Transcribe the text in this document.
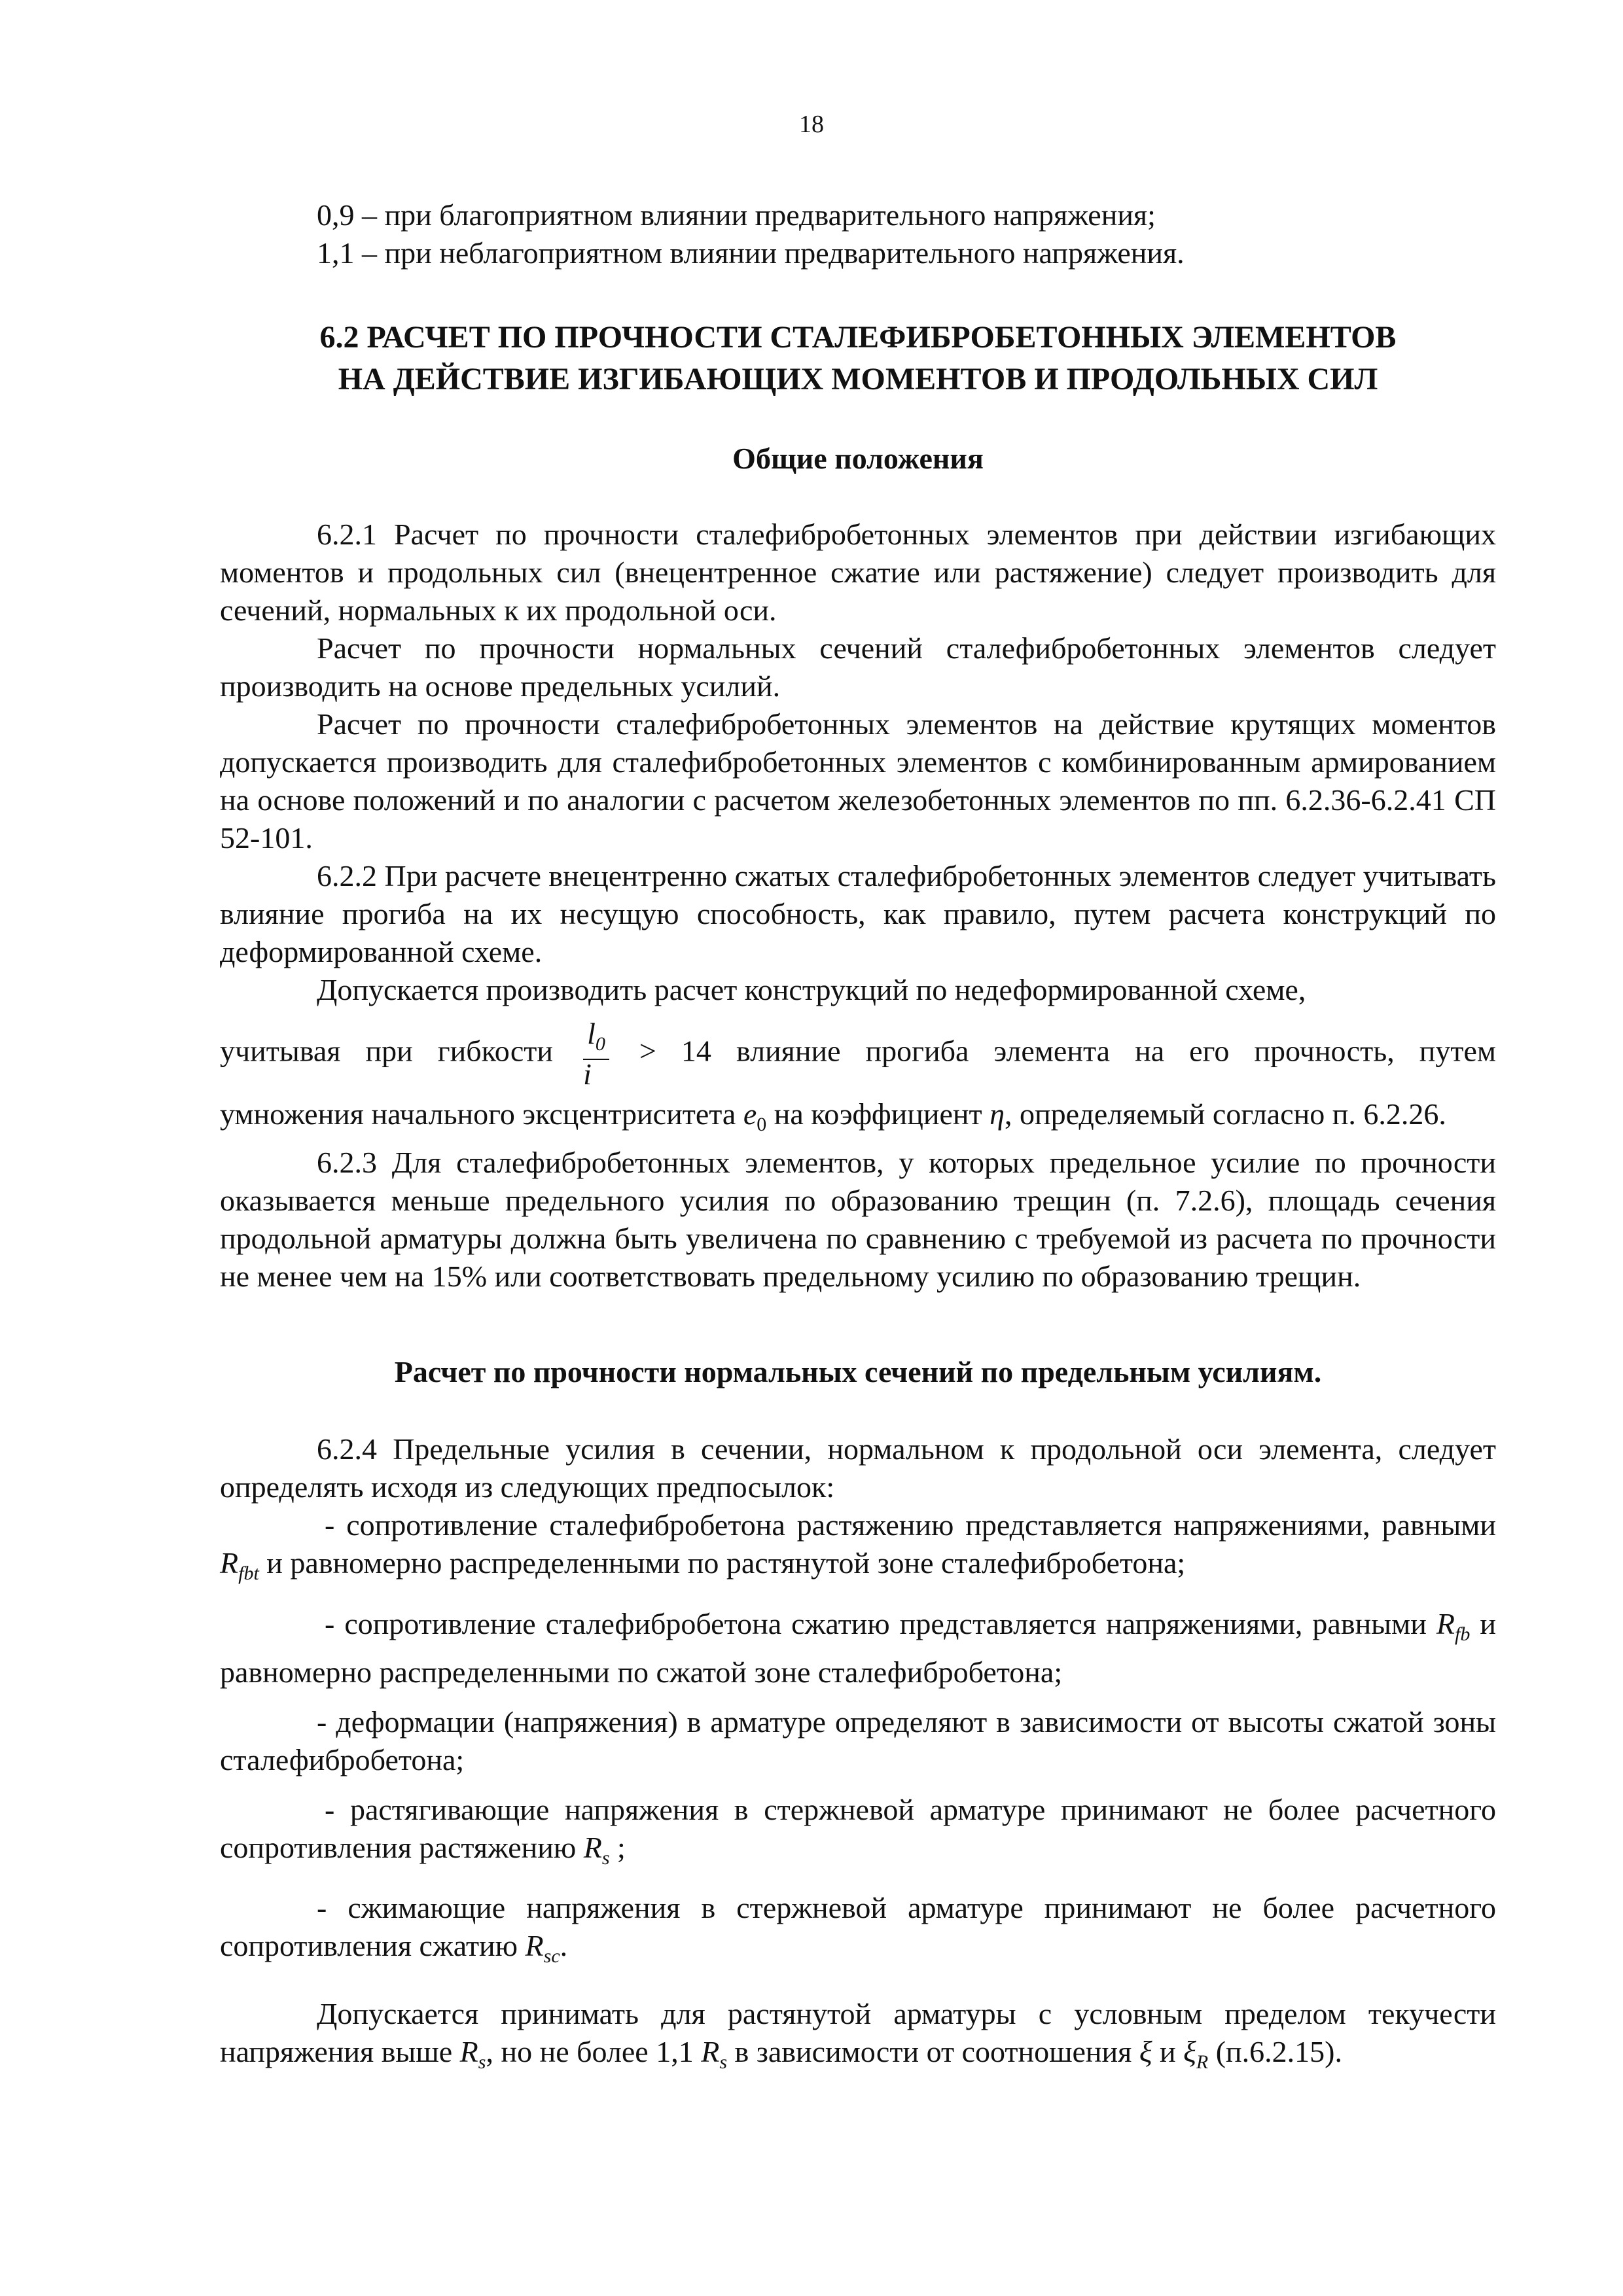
18

0,9 – при благоприятном влиянии предварительного напряжения;

1,1 – при неблагоприятном влиянии предварительного напряжения.

6.2 РАСЧЕТ ПО ПРОЧНОСТИ СТАЛЕФИБРОБЕТОННЫХ ЭЛЕМЕНТОВ НА ДЕЙСТВИЕ ИЗГИБАЮЩИХ МОМЕНТОВ И ПРОДОЛЬНЫХ СИЛ

Общие положения

6.2.1 Расчет по прочности сталефибробетонных элементов при действии изгибающих моментов и продольных сил (внецентренное сжатие или растяжение) следует производить для сечений, нормальных к их продольной оси.

Расчет по прочности нормальных сечений сталефибробетонных элементов следует производить на основе предельных усилий.

Расчет по прочности сталефибробетонных элементов на действие крутящих моментов допускается производить для сталефибробетонных элементов с комбинированным армированием на основе положений и по аналогии с расчетом железобетонных элементов по пп. 6.2.36-6.2.41 СП 52-101.

6.2.2 При расчете внецентренно сжатых сталефибробетонных элементов следует учитывать влияние прогиба на их несущую способность, как правило, путем расчета конструкций по деформированной схеме.

Допускается производить расчет конструкций по недеформированной схеме,

учитывая при гибкости $\frac{l_0}{i} > 14$ влияние прогиба элемента на его прочность, путем

умножения начального эксцентриситета $e_0$ на коэффициент η, определяемый согласно п. 6.2.26.

6.2.3 Для сталефибробетонных элементов, у которых предельное усилие по прочности оказывается меньше предельного усилия по образованию трещин (п. 7.2.6), площадь сечения продольной арматуры должна быть увеличена по сравнению с требуемой из расчета по прочности не менее чем на 15% или соответствовать предельному усилию по образованию трещин.

Расчет по прочности нормальных сечений по предельным усилиям.

6.2.4 Предельные усилия в сечении, нормальном к продольной оси элемента, следует определять исходя из следующих предпосылок:

- сопротивление сталефибробетона растяжению представляется напряжениями, равными $R_{fbt}$ и равномерно распределенными по растянутой зоне сталефибробетона;

- сопротивление сталефибробетона сжатию представляется напряжениями, равными $R_{fb}$ и равномерно распределенными по сжатой зоне сталефибробетона;

- деформации (напряжения) в арматуре определяют в зависимости от высоты сжатой зоны сталефибробетона;

- растягивающие напряжения в стержневой арматуре принимают не более расчетного сопротивления растяжению $R_s$ ;

- сжимающие напряжения в стержневой арматуре принимают не более расчетного сопротивления сжатию $R_{sc}$.

Допускается принимать для растянутой арматуры с условным пределом текучести напряжения выше $R_s$, но не более 1,1 $R_s$ в зависимости от соотношения ξ и $\xi_R$ (п.6.2.15).
